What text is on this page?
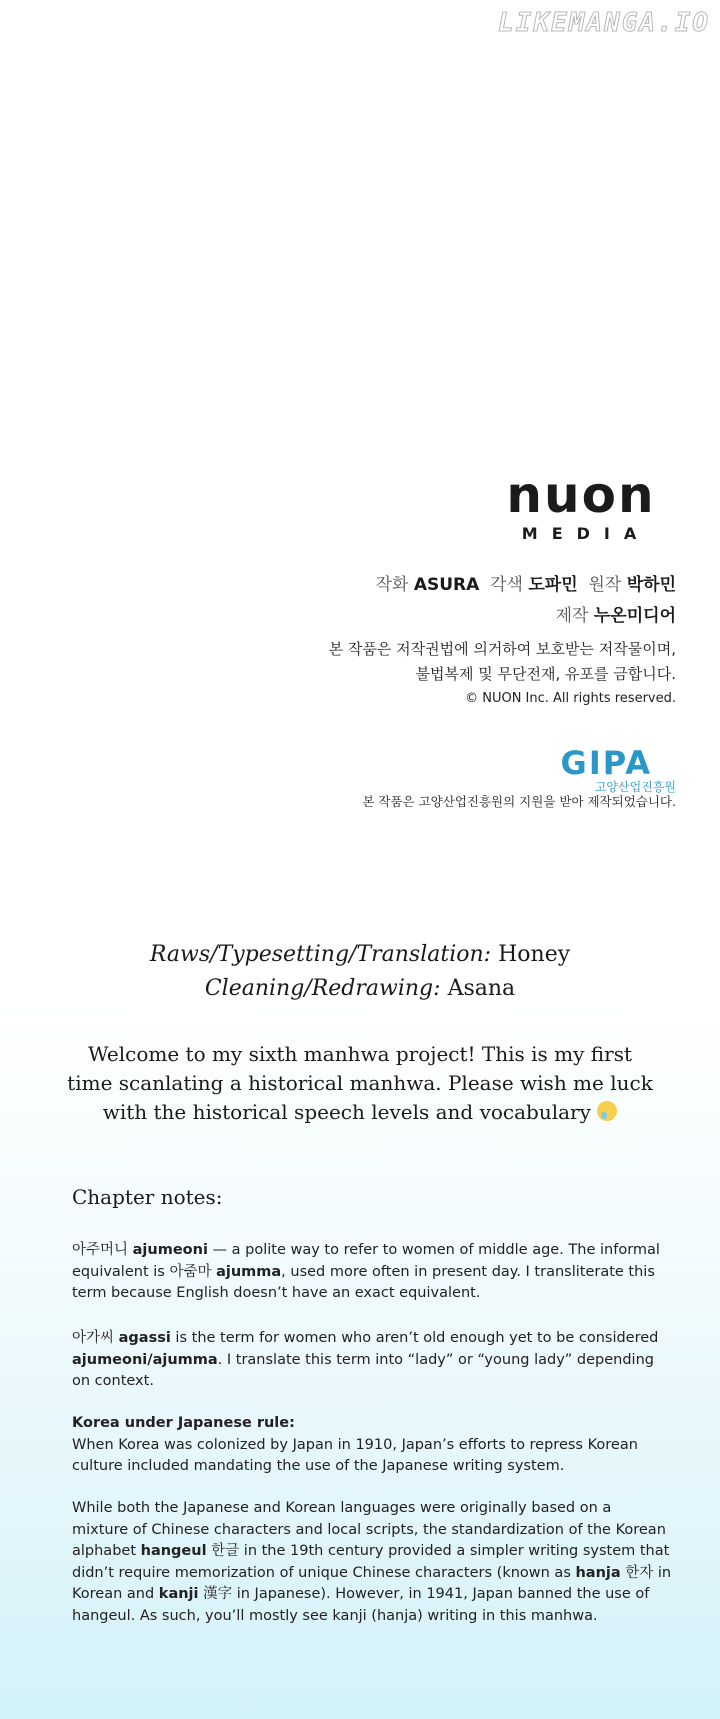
LIKEMANGA.IO
nuon
MEDIA
작화 ASURA 각색 도파민 원작 박하민
제작 누온미디어
본 작품은 저작권법에 의거하여 보호받는 저작물이며,
불법복제 및 무단전재, 유포를 금합니다.
© NUON Inc. All rights reserved.
GIPA
고양산업진흥원
본 작품은 고양산업진흥원의 지원을 받아 제작되었습니다.
Raws/Typesetting/Translation: Honey
Cleaning/Redrawing: Asana
Welcome to my sixth manhwa project! This is my first
time scanlating a historical manhwa. Please wish me luck
with the historical speech levels and vocabulary
Chapter notes:
아주머니 ajumeoni — a polite way to refer to women of middle age. The informal equivalent is 아줌마 ajumma, used more often in present day. I transliterate this term because English doesn’t have an exact equivalent.
아가씨 agassi is the term for women who aren’t old enough yet to be considered ajumeoni/ajumma. I translate this term into “lady” or “young lady” depending on context.
Korea under Japanese rule:
When Korea was colonized by Japan in 1910, Japan’s efforts to repress Korean culture included mandating the use of the Japanese writing system.
While both the Japanese and Korean languages were originally based on a mixture of Chinese characters and local scripts, the standardization of the Korean alphabet hangeul 한글 in the 19th century provided a simpler writing system that didn’t require memorization of unique Chinese characters (known as hanja 한자 in Korean and kanji 漢字 in Japanese). However, in 1941, Japan banned the use of hangeul. As such, you’ll mostly see kanji (hanja) writing in this manhwa.
